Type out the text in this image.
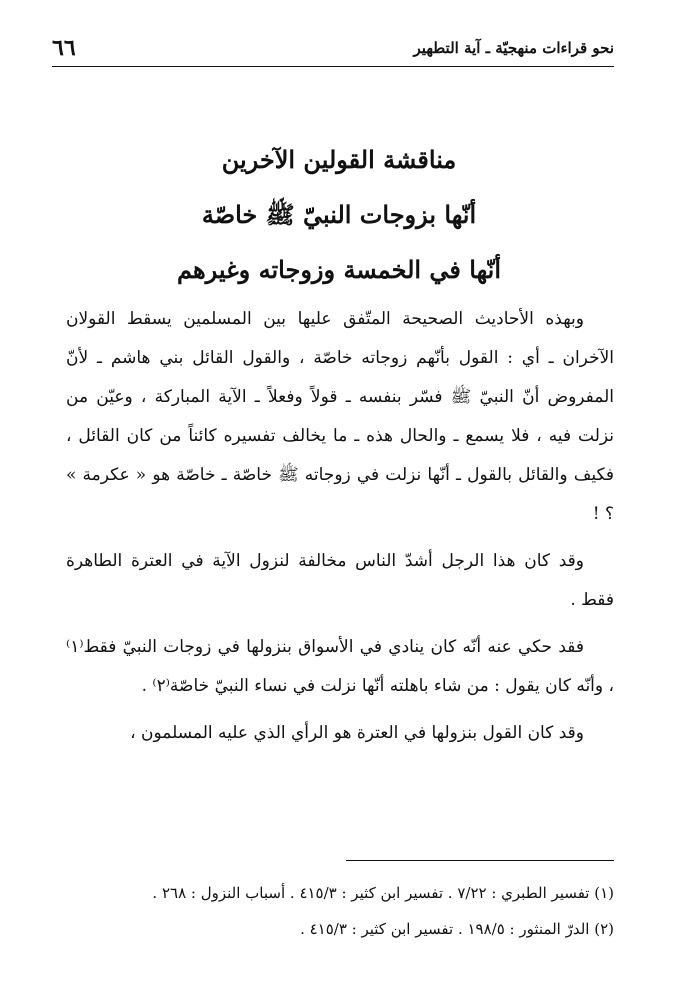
نحو قراءات منهجيّة ـ آية التطهير
٦٦
مناقشة القولين الآخرين
أنّها بزوجات النبيّ ﷺ خاصّة
أنّها في الخمسة وزوجاته وغيرهم

وبهذه الأحاديث الصحيحة المتّفق عليها بين المسلمين يسقط القولان الآخران ـ أي : القول بأنّهم زوجاته خاصّة ، والقول القائل بني هاشم ـ لأنّ المفروض أنّ النبيّ ﷺ فسّر بنفسه ـ قولاً وفعلاً ـ الآية المباركة ، وعيّن من نزلت فيه ، فلا يسمع ـ والحال هذه ـ ما يخالف تفسيره كائناً من كان القائل ، فكيف والقائل بالقول ـ أنّها نزلت في زوجاته ﷺ خاصّة ـ خاصّة هو « عكرمة » ؟ !

وقد كان هذا الرجل أشدّ الناس مخالفة لنزول الآية في العترة الطاهرة فقط .

فقد حكي عنه أنّه كان ينادي في الأسواق بنزولها في زوجات النبيّ فقط⁽١⁾ ، وأنّه كان يقول : من شاء باهلته أنّها نزلت في نساء النبيّ خاصّة⁽٢⁾ .

وقد كان القول بنزولها في العترة هو الرأي الذي عليه المسلمون ،

(١) تفسير الطبري : ٧/٢٢ . تفسير ابن كثير : ٤١٥/٣ . أسباب النزول : ٢٦٨ .
(٢) الدرّ المنثور : ١٩٨/٥ . تفسير ابن كثير : ٤١٥/٣ .
